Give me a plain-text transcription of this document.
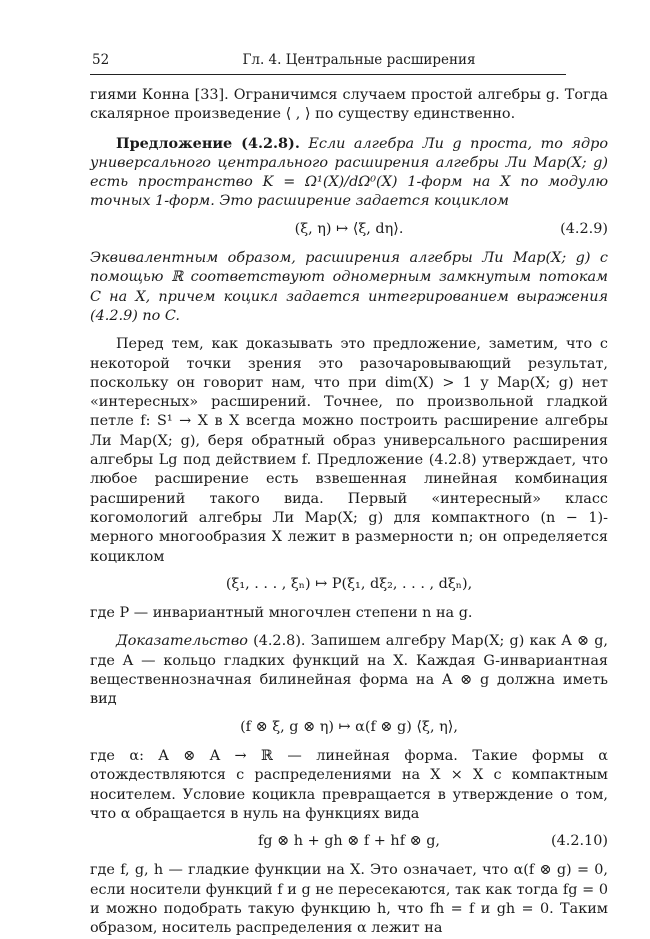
52	Гл. 4. Центральные расширения

гиями Конна [33]. Ограничимся случаем простой алгебры g. Тогда скалярное произведение ⟨ , ⟩ по существу единственно.

Предложение (4.2.8). Если алгебра Ли g проста, то ядро универсального центрального расширения алгебры Ли Map(X; g) есть пространство K = Ω¹(X)/dΩ⁰(X) 1-форм на X по модулю точных 1-форм. Это расширение задается коциклом

(ξ, η) ↦ ⟨ξ, dη⟩.	(4.2.9)

Эквивалентным образом, расширения алгебры Ли Map(X; g) с помощью ℝ соответствуют одномерным замкнутым потокам C на X, причем коцикл задается интегрированием выражения (4.2.9) по C.

Перед тем, как доказывать это предложение, заметим, что с некоторой точки зрения это разочаровывающий результат, поскольку он говорит нам, что при dim(X) > 1 у Map(X; g) нет «интересных» расширений. Точнее, по произвольной гладкой петле f: S¹ → X в X всегда можно построить расширение алгебры Ли Map(X; g), беря обратный образ универсального расширения алгебры Lg под действием f. Предложение (4.2.8) утверждает, что любое расширение есть взвешенная линейная комбинация расширений такого вида. Первый «интересный» класс когомологий алгебры Ли Map(X; g) для компактного (n − 1)-мерного многообразия X лежит в размерности n; он определяется коциклом

(ξ₁, . . . , ξₙ) ↦ P(ξ₁, dξ₂, . . . , dξₙ),

где P — инвариантный многочлен степени n на g.

Доказательство (4.2.8). Запишем алгебру Map(X; g) как A ⊗ g, где A — кольцо гладких функций на X. Каждая G-инвариантная вещественнозначная билинейная форма на A ⊗ g должна иметь вид

(f ⊗ ξ, g ⊗ η) ↦ α(f ⊗ g) ⟨ξ, η⟩,

где α: A ⊗ A → ℝ — линейная форма. Такие формы α отождествляются с распределениями на X × X с компактным носителем. Условие коцикла превращается в утверждение о том, что α обращается в нуль на функциях вида

fg ⊗ h + gh ⊗ f + hf ⊗ g,	(4.2.10)

где f, g, h — гладкие функции на X. Это означает, что α(f ⊗ g) = 0, если носители функций f и g не пересекаются, так как тогда fg = 0 и можно подобрать такую функцию h, что fh = f и gh = 0. Таким образом, носитель распределения α лежит на
